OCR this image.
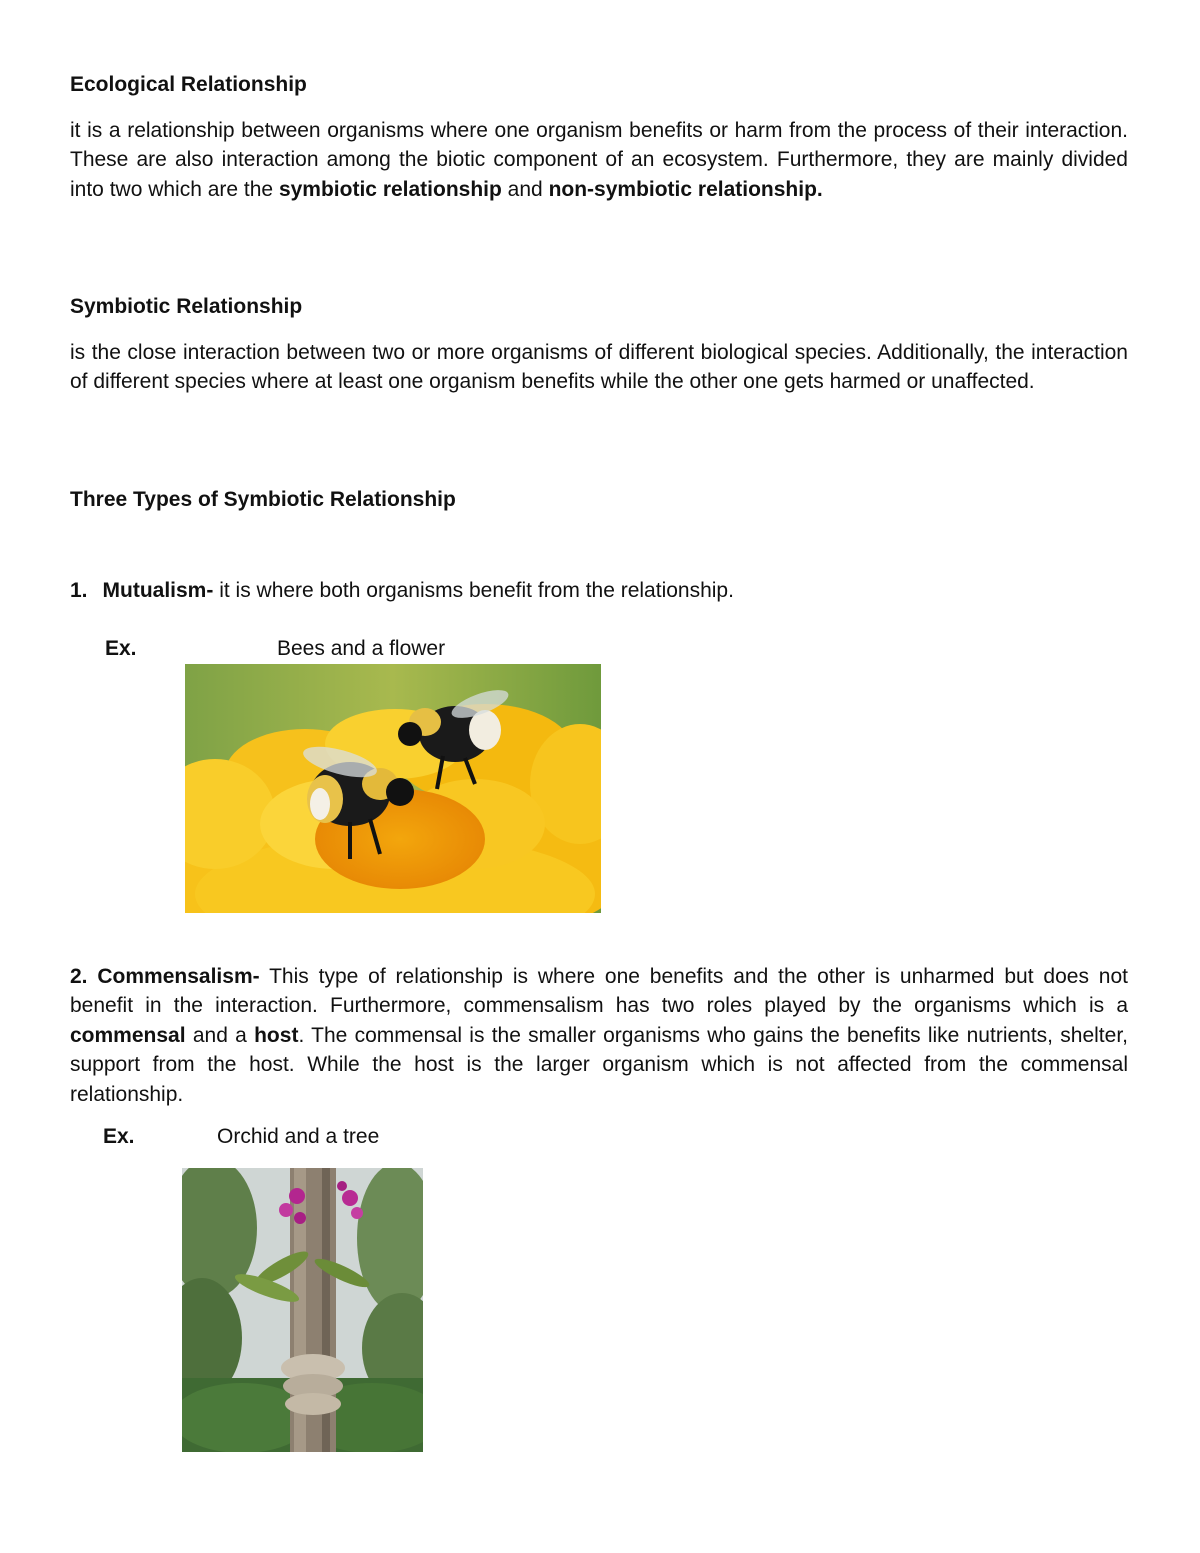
Ecological Relationship

it is a relationship between organisms where one organism benefits or harm from the process of their interaction. These are also interaction among the biotic component of an ecosystem. Furthermore, they are mainly divided into two which are the symbiotic relationship and non-symbiotic relationship.

Symbiotic Relationship

is the close interaction between two or more organisms of different biological species. Additionally, the interaction of different species where at least one organism benefits while the other one gets harmed or unaffected.

Three Types of Symbiotic Relationship
1. Mutualism- it is where both organisms benefit from the relationship.
Ex.	Bees and a flower

2. Commensalism- This type of relationship is where one benefits and the other is unharmed but does not benefit in the interaction. Furthermore, commensalism has two roles played by the organisms which is a commensal and a host. The commensal is the smaller organisms who gains the benefits like nutrients, shelter, support from the host. While the host is the larger organism which is not affected from the commensal relationship.

Ex.	Orchid and a tree
